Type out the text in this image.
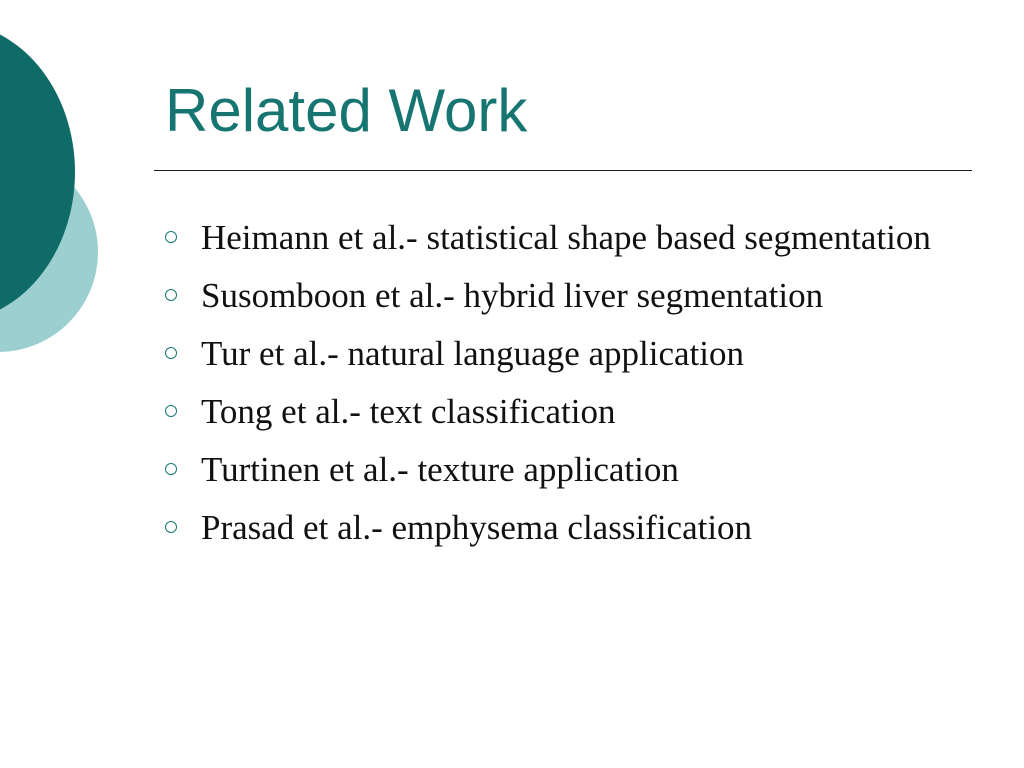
Related Work
Heimann et al.- statistical shape based segmentation
Susomboon et al.- hybrid liver segmentation
Tur et al.- natural language application
Tong et al.- text classification
Turtinen et al.- texture application
Prasad et al.- emphysema classification
